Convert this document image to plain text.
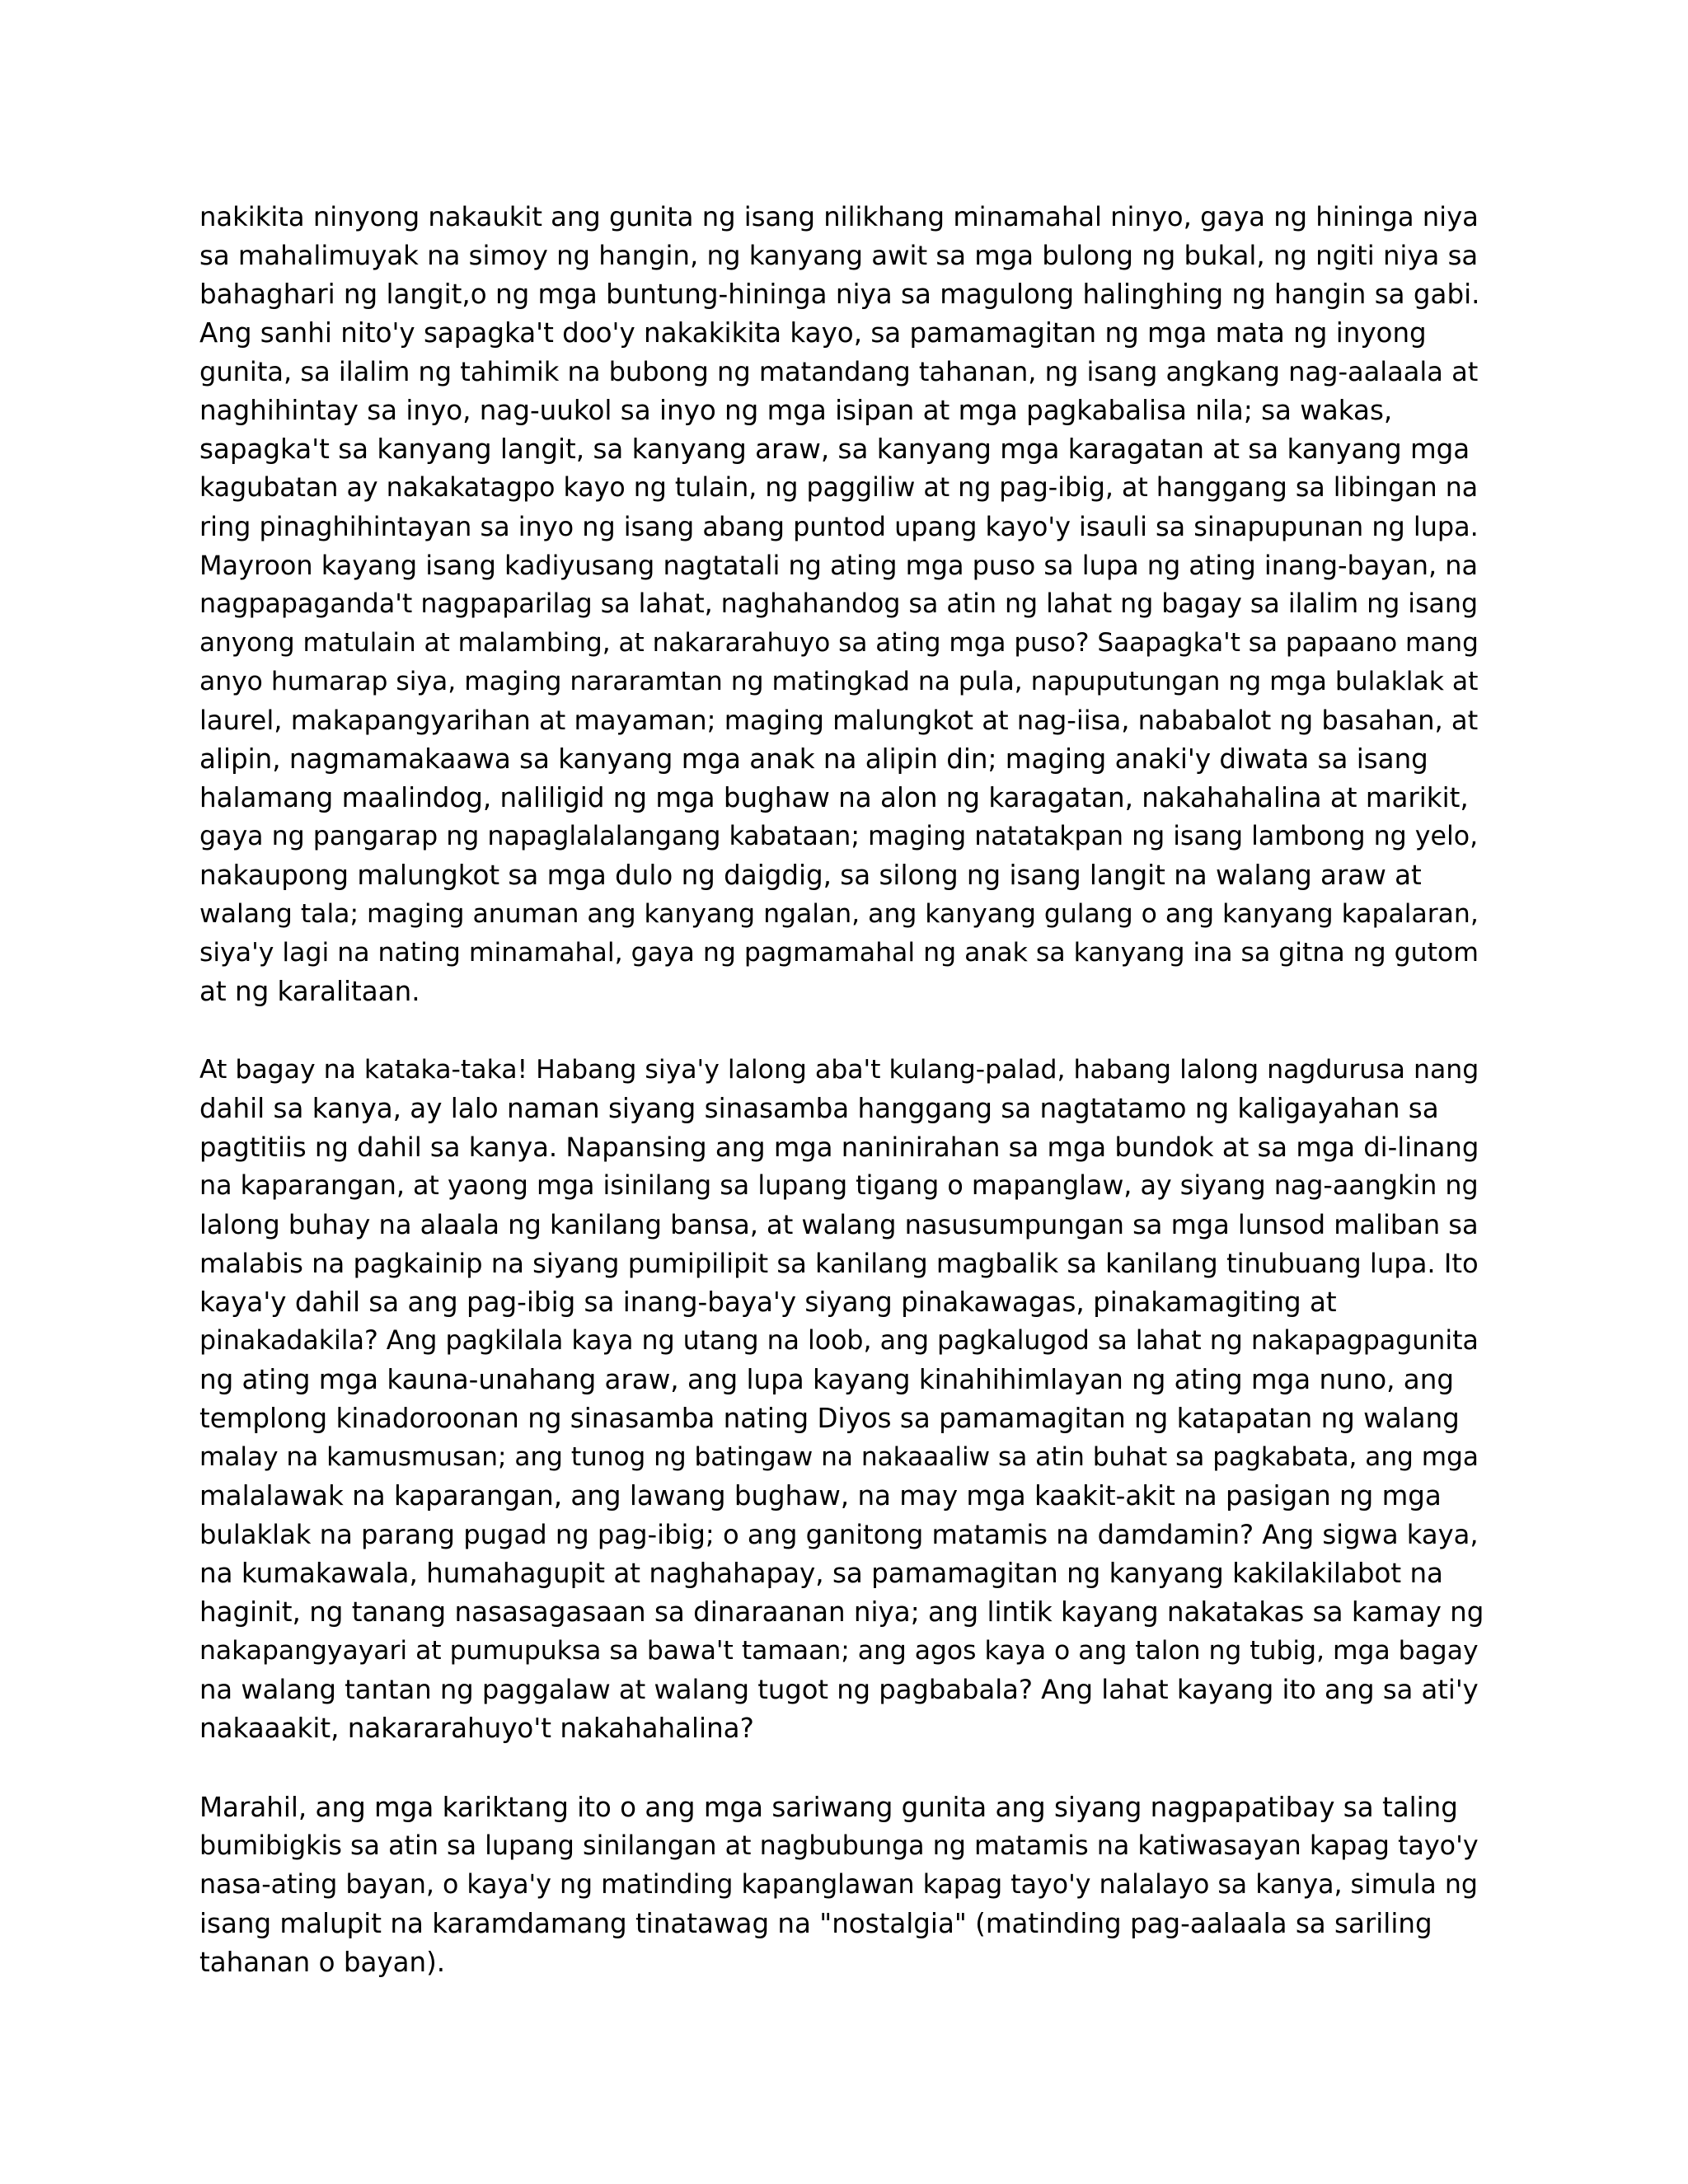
nakikita ninyong nakaukit ang gunita ng isang nilikhang minamahal ninyo, gaya ng hininga niya
sa mahalimuyak na simoy ng hangin, ng kanyang awit sa mga bulong ng bukal, ng ngiti niya sa
bahaghari ng langit,o ng mga buntung-hininga niya sa magulong halinghing ng hangin sa gabi.
Ang sanhi nito'y sapagka't doo'y nakakikita kayo, sa pamamagitan ng mga mata ng inyong
gunita, sa ilalim ng tahimik na bubong ng matandang tahanan, ng isang angkang nag-aalaala at
naghihintay sa inyo, nag-uukol sa inyo ng mga isipan at mga pagkabalisa nila; sa wakas,
sapagka't sa kanyang langit, sa kanyang araw, sa kanyang mga karagatan at sa kanyang mga
kagubatan ay nakakatagpo kayo ng tulain, ng paggiliw at ng pag-ibig, at hanggang sa libingan na
ring pinaghihintayan sa inyo ng isang abang puntod upang kayo'y isauli sa sinapupunan ng lupa.
Mayroon kayang isang kadiyusang nagtatali ng ating mga puso sa lupa ng ating inang-bayan, na
nagpapaganda't nagpaparilag sa lahat, naghahandog sa atin ng lahat ng bagay sa ilalim ng isang
anyong matulain at malambing, at nakararahuyo sa ating mga puso? Saapagka't sa papaano mang
anyo humarap siya, maging nararamtan ng matingkad na pula, napuputungan ng mga bulaklak at
laurel, makapangyarihan at mayaman; maging malungkot at nag-iisa, nababalot ng basahan, at
alipin, nagmamakaawa sa kanyang mga anak na alipin din; maging anaki'y diwata sa isang
halamang maalindog, naliligid ng mga bughaw na alon ng karagatan, nakahahalina at marikit,
gaya ng pangarap ng napaglalalangang kabataan; maging natatakpan ng isang lambong ng yelo,
nakaupong malungkot sa mga dulo ng daigdig, sa silong ng isang langit na walang araw at
walang tala; maging anuman ang kanyang ngalan, ang kanyang gulang o ang kanyang kapalaran,
siya'y lagi na nating minamahal, gaya ng pagmamahal ng anak sa kanyang ina sa gitna ng gutom
at ng karalitaan.
At bagay na kataka-taka! Habang siya'y lalong aba't kulang-palad, habang lalong nagdurusa nang
dahil sa kanya, ay lalo naman siyang sinasamba hanggang sa nagtatamo ng kaligayahan sa
pagtitiis ng dahil sa kanya. Napansing ang mga naninirahan sa mga bundok at sa mga di-linang
na kaparangan, at yaong mga isinilang sa lupang tigang o mapanglaw, ay siyang nag-aangkin ng
lalong buhay na alaala ng kanilang bansa, at walang nasusumpungan sa mga lunsod maliban sa
malabis na pagkainip na siyang pumipilipit sa kanilang magbalik sa kanilang tinubuang lupa. Ito
kaya'y dahil sa ang pag-ibig sa inang-baya'y siyang pinakawagas, pinakamagiting at
pinakadakila? Ang pagkilala kaya ng utang na loob, ang pagkalugod sa lahat ng nakapagpagunita
ng ating mga kauna-unahang araw, ang lupa kayang kinahihimlayan ng ating mga nuno, ang
templong kinadoroonan ng sinasamba nating Diyos sa pamamagitan ng katapatan ng walang
malay na kamusmusan; ang tunog ng batingaw na nakaaaliw sa atin buhat sa pagkabata, ang mga
malalawak na kaparangan, ang lawang bughaw, na may mga kaakit-akit na pasigan ng mga
bulaklak na parang pugad ng pag-ibig; o ang ganitong matamis na damdamin? Ang sigwa kaya,
na kumakawala, humahagupit at naghahapay, sa pamamagitan ng kanyang kakilakilabot na
haginit, ng tanang nasasagasaan sa dinaraanan niya; ang lintik kayang nakatakas sa kamay ng
nakapangyayari at pumupuksa sa bawa't tamaan; ang agos kaya o ang talon ng tubig, mga bagay
na walang tantan ng paggalaw at walang tugot ng pagbabala? Ang lahat kayang ito ang sa ati'y
nakaaakit, nakararahuyo't nakahahalina?
Marahil, ang mga kariktang ito o ang mga sariwang gunita ang siyang nagpapatibay sa taling
bumibigkis sa atin sa lupang sinilangan at nagbubunga ng matamis na katiwasayan kapag tayo'y
nasa-ating bayan, o kaya'y ng matinding kapanglawan kapag tayo'y nalalayo sa kanya, simula ng
isang malupit na karamdamang tinatawag na "nostalgia" (matinding pag-aalaala sa sariling
tahanan o bayan).
